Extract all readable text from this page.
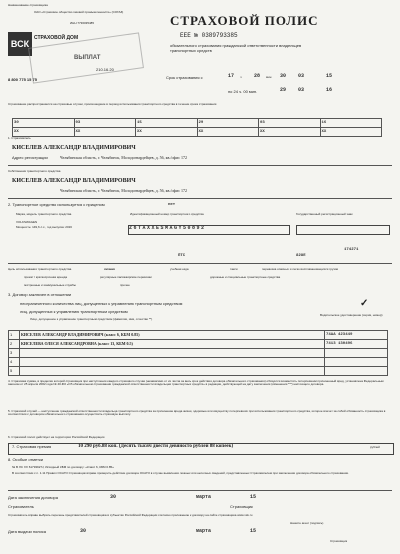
Наименование страховщика
ОАО «Страховое общество газовой промышленности» (СОГАЗ)
ИНН 7736035485
ВСК
СТРАХОВОЙ ДОМ
ВЫПЛАТ
210.16.20
8 800 775 15 75
СТРАХОВОЙ ПОЛИС
ЕЕЕ № 0389793385
обязательного страхования гражданской ответственности владельцев транспортных средств
Срок страхования с	17 ч 28 мин 30 03	15
по 24 ч. 00 мин.	29 03	16
Страхование распространяется на страховые случаи, произошедшие в период использования транспортного средства в течение срока страхования
30	03	15	29	03	16
XX	XX	XX	XX	XX	XX
1. Страхователь
КИСЕЛЕВ АЛЕКСАНДР ВЛАДИМИРОВИЧ
Адрес регистрации	Челябинская область, г. Челябинск, Молодогвардейцев, д. 56, кв./офис 172
Собственник транспортного средства
КИСЕЛЕВ АЛЕКСАНДР ВЛАДИМИРОВИЧ
Челябинская область, г. Челябинск, Молодогвардейцев, д. 56, кв./офис 172
2. Транспортное средство используется с прицепом	нет
Марка, модель транспортного средства	Идентификационный номер транспортного средства	Государственный регистрационный знак
VOLKSWAGEN
Мощность: 149,6 л.с., год выпуска: 2016	Z6TAXXESMAGY50892
ПТС	82ОЕ
174271
Цель использования транспортного средства	личная	учебная езда	такси	перевозка опасных и легко воспламеняющихся грузов
прокат / краткосрочная аренда	регулярные пассажирские перевозки	дорожные и специальные транспортные средства
экстренные и коммунальные службы	прочее
3. Договор заключен в отношении
неограниченного количества лиц, допущенных к управлению транспортным средством
лиц, допущенных к управлению транспортным средством
✓
Лицо, допущенное к управлению транспортным средством (фамилия, имя, отчество **)
Водительское удостоверение (серия, номер)
1	КИСЕЛЕВ АЛЕКСАНДР ВЛАДИМИРОВИЧ (класс 6, КБМ 0.85)	74АА 423449
2	КИСЕЛЕВА ОЛЕСЯ АЛЕКСАНДРОВНА (класс 13, КБМ 0.5)	7413 130496
3		
4		
5		
4. Страховая сумма, в пределах которой страховщик при наступлении каждого страхового случая (независимо от их числа за весь срок действия договора обязательного страхования) обязуется возместить потерпевшим причиненный вред, установлена Федеральным законом от 25 апреля 2002 года № 40-ФЗ «Об обязательном страховании гражданской ответственности владельцев транспортных средств» в редакции, действующей на дату заключения (изменения ***) настоящего договора.
5. Страховой случай — наступление гражданской ответственности владельца транспортного средства за причинение вреда жизни, здоровью или имуществу потерпевших при использовании транспортного средства, которое влечет за собой обязанность страховщика в соответствии с договором обязательного страхования осуществить страховую выплату.
6. Страховой полис действует на территории Российской Федерации
7. Страховая премия	10 290 руб.88 коп. (Десять тысяч двести девяносто рублей 88 копеек)	рублей
8. Особые отметки
№ В ЛС ХХ 61793927J, Исходный КБМ по договору: «Класс 6, КБМ 0.85»
В соответствии с п. 1.11 Правил ОСАГО Страховщик вправе проверить действие договора ОСАГО в случае выявления ложных или неполных сведений, представленных Страхователем при заключении договора обязательного страхования.
Дата заключения договора	30	марта	15
Страхователь	Страховщик
Страхователь вправе выбрать перечень представителей страховщика в субъектах Российской Федерации согласно приложению к договору на сайте страховщика www.vsk.ru
Дата выдачи полиса	30	марта	15
Нашите агент (подпись)
Страховщик
